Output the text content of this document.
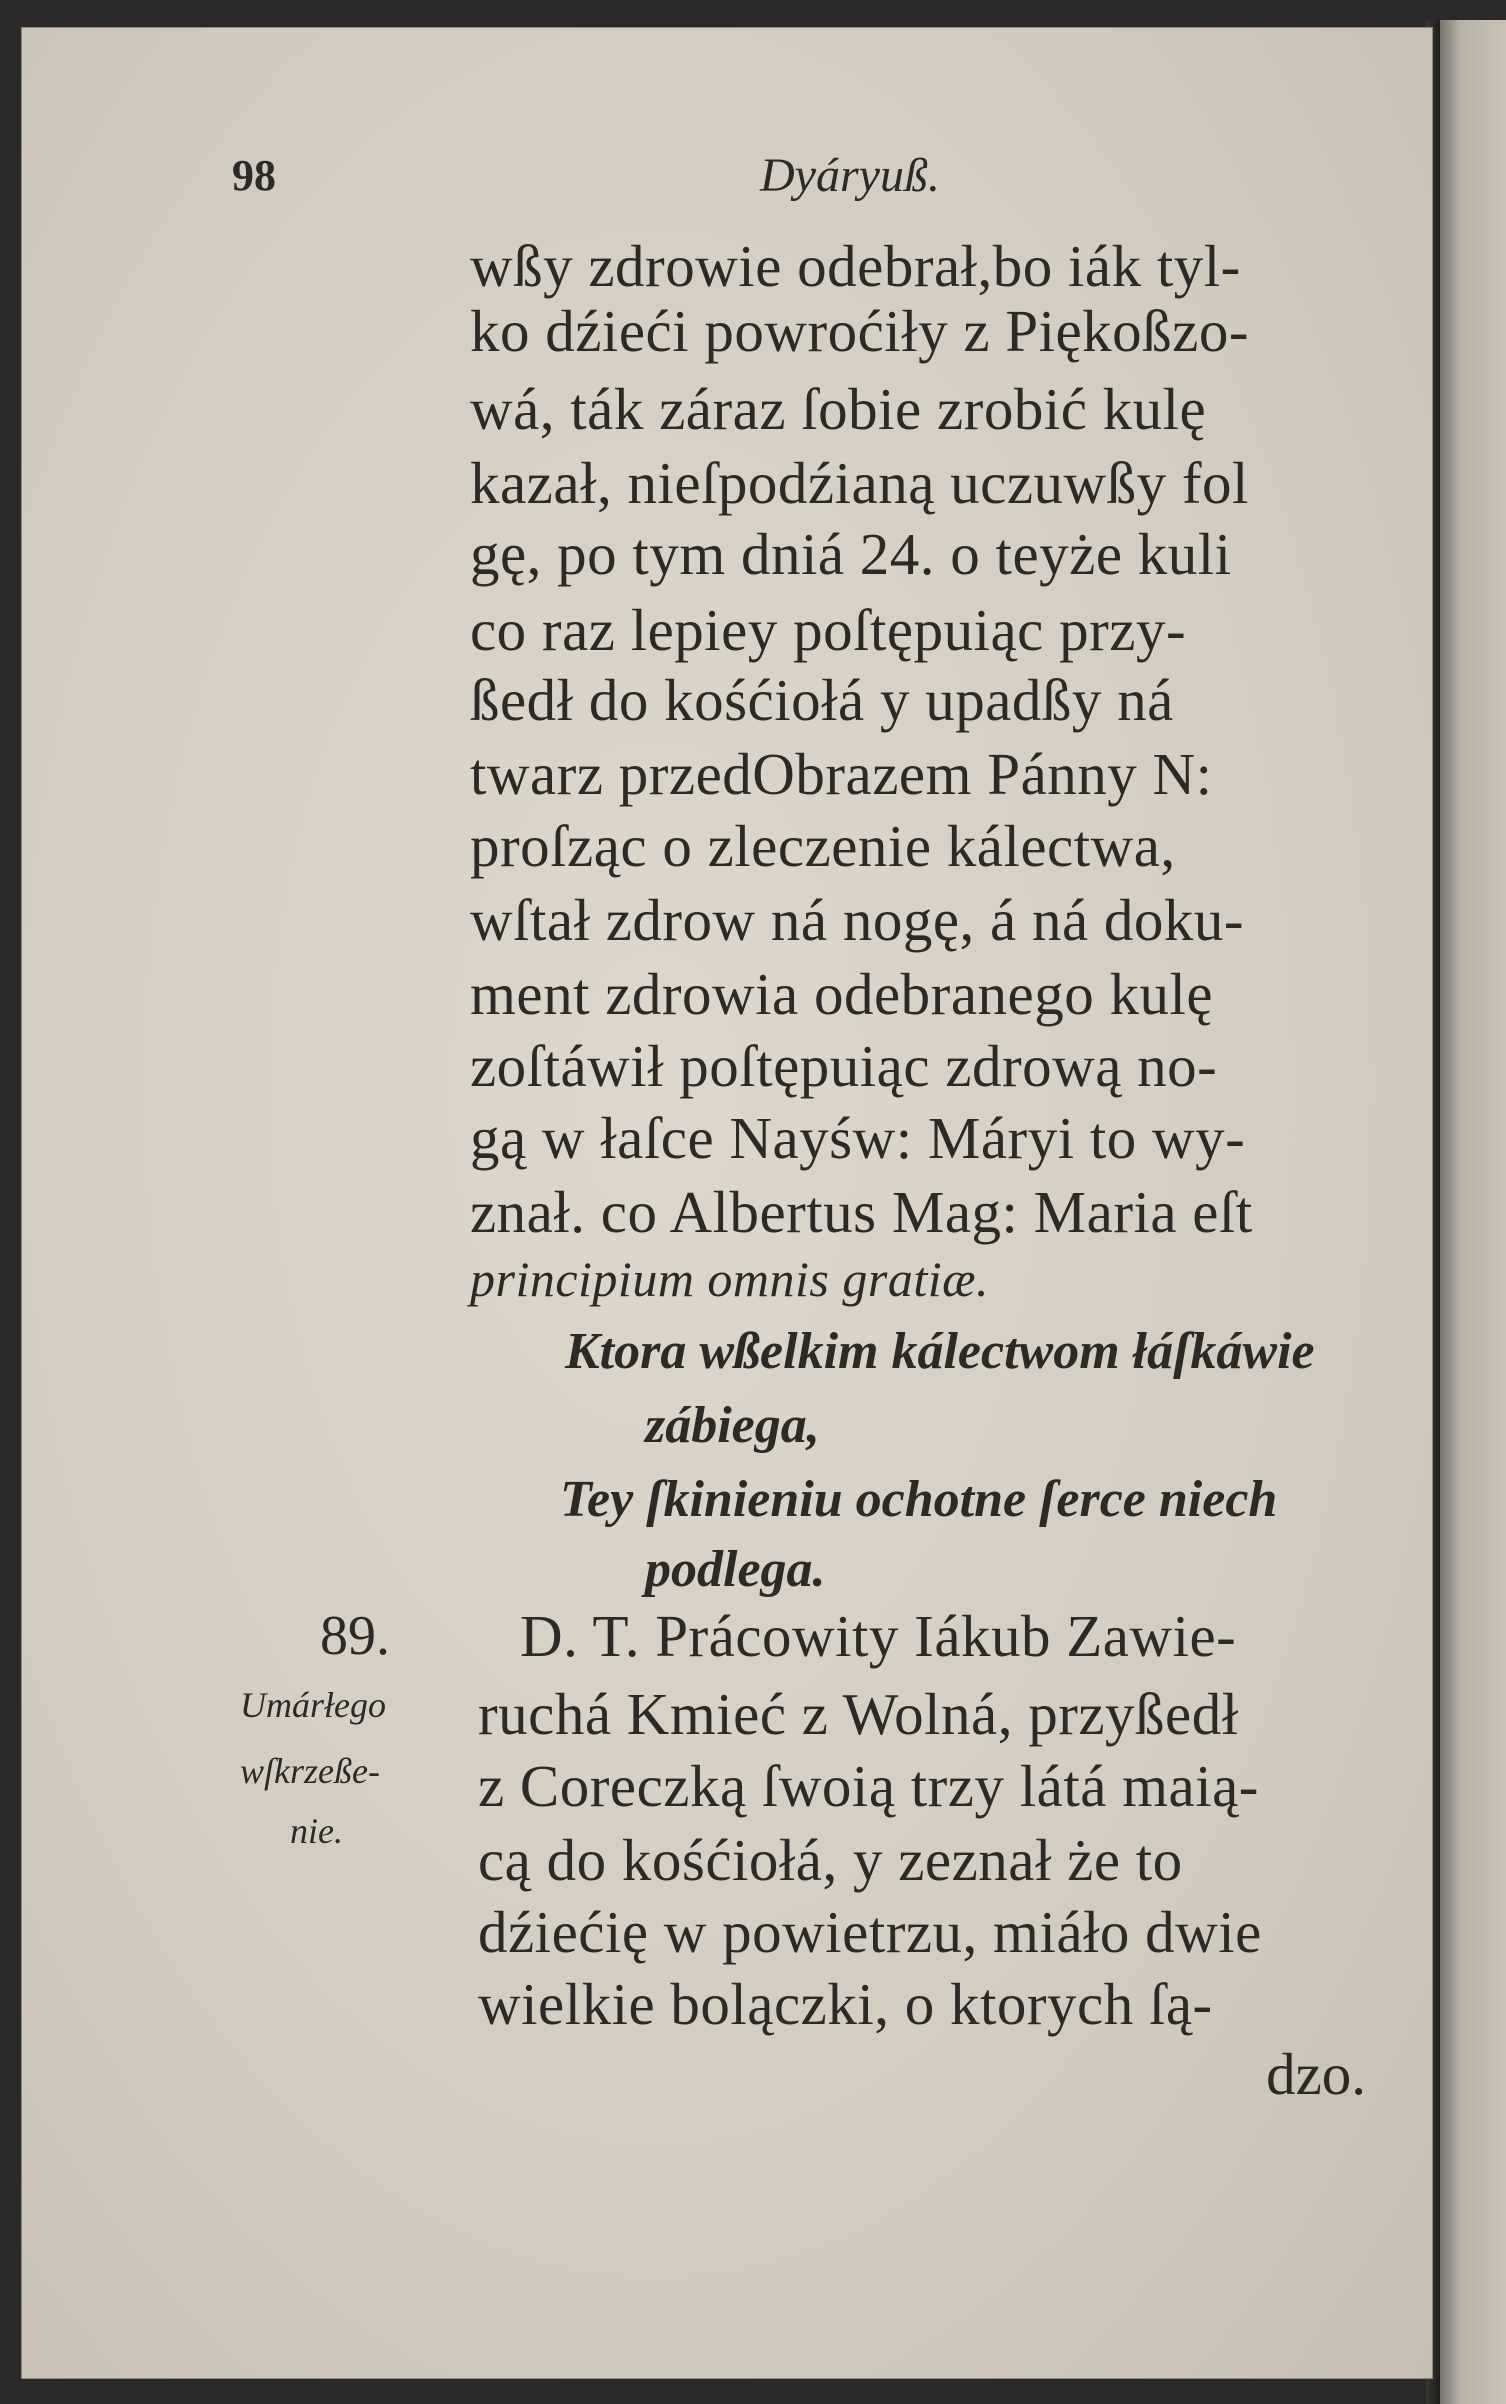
98	Dyáryuß.
wßy zdrowie odebrał,bo iák tyl-
ko dźieći powroćiły z Piękoßzo-
wá, ták záraz ſobie zrobić kulę
kazał, nieſpodźianą uczuwßy fol
gę, po tym dniá 24. o teyże kuli
co raz lepiey poſtępuiąc przy-
ßedł do kośćiołá y upadßy ná
twarz przedObrazem Pánny N:
proſząc o zleczenie kálectwa,
wſtał zdrow ná nogę, á ná doku-
ment zdrowia odebranego kulę
zoſtáwił poſtępuiąc zdrową no-
gą w łaſce Nayśw: Máryi to wy-
znał. co Albertus Mag: Maria eſt
principium omnis gratiæ.
Ktora wßelkim kálectwom łáſkáwie
zábiega,
Tey ſkinieniu ochotne ſerce niech
podlega.
89.
Umárłego
wſkrzeße-
nie.
D. T. Prácowity Iákub Zawie-
ruchá Kmieć z Wolná, przyßedł
z Coreczką ſwoią trzy látá maią-
cą do kośćiołá, y zeznał że to
dźiećię w powietrzu, miáło dwie
wielkie bolączki, o ktorych ſą-
dzo.
